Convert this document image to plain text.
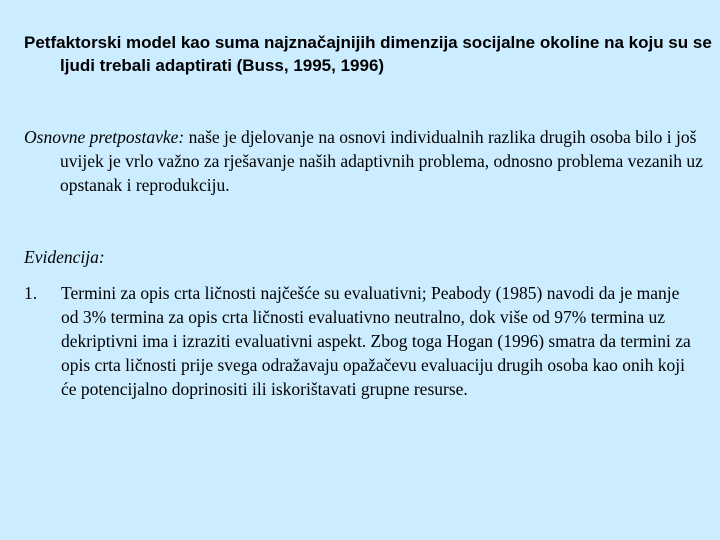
Petfaktorski model kao suma najznačajnijih dimenzija socijalne okoline na koju su se ljudi trebali adaptirati (Buss, 1995, 1996)

Osnovne pretpostavke: naše je djelovanje na osnovi individualnih razlika drugih osoba bilo i još uvijek je vrlo važno za rješavanje naših adaptivnih problema, odnosno problema vezanih uz opstanak i reprodukciju.

Evidencija:

1. Termini za opis crta ličnosti najčešće su evaluativni; Peabody (1985) navodi da je manje od 3% termina za opis crta ličnosti evaluativno neutralno, dok više od 97% termina uz dekriptivni ima i izraziti evaluativni aspekt. Zbog toga Hogan (1996) smatra da termini za opis crta ličnosti prije svega odražavaju opažačevu evaluaciju drugih osoba kao onih koji će potencijalno doprinositi ili iskorištavati grupne resurse.
